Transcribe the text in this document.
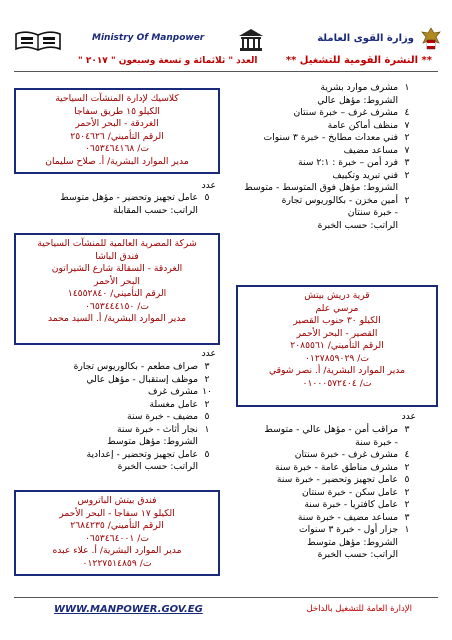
وزارة القوى العاملة
Ministry Of Manpower
** النشرة القومية للتشغيل **
العدد " ثلاثمائة و تسعة وسبعون " ٢٠١٧ "
١
مشرف موارد بشرية
الشروط: مؤهل عالي
٤
مشرف غرف – خبرة سنتان
٧
منظف أماكن عامة
٢
فني معدات مطابخ - خبرة ٣ سنوات
٧
مساعد مضيف
٣
فرد أمن – خبرة : ٢:١ سنة
٢
فني تبريد وتكييف
الشروط: مؤهل فوق المتوسط - متوسط
٢
أمين مخزن - بكالوريوس تجارة
- خبرة سنتان
الراتب: حسب الخبرة
قرية دريش بيتش
مرسي علم
الكيلو ٣٠ جنوب القصير
القصير - البحر الأحمر
الرقم التأميني/ ٢٠٨٥٥٦١
ت/ ٠١٢٧٨٥٩٠٢٩
مدير الموارد البشرية/ أ. نصر شوقي
ت/ ٠١٠٠٠٥٧٢٤٠٤
عدد
٣
مراقب أمن - مؤهل عالي - متوسط
- خبرة سنة
٤
مشرف غرف - خبرة سنتان
٢
مشرف مناطق عامة - خبرة سنة
٥
عامل تجهيز وتحضير - خبرة سنة
٢
عامل سكن - خبرة سنتان
٢
عامل كافتريا - خبرة سنة
٣
مساعد مضيف - خبرة سنة
١
جزار أول - خبرة ٣ سنوات
الشروط: مؤهل متوسط
الراتب: حسب الخبرة
كلاسيك لإدارة المنشآت السياحية
الكيلو ١٥ طريق سفاجا
الغردقة - البحر الأحمر
الرقم التأميني/ ٢٥٠٤٦٢٦
ت/ ٠٦٥٣٤٦٤١٦٨
مدير الموارد البشرية/ أ. صلاح سليمان
عدد
٥
عامل تجهيز وتحضير - مؤهل متوسط
الراتب: حسب المقابلة
شركة المصرية العالمية للمنشآت السياحية
فندق الباشا
الغردقة - السقالة شارع الشيراتون
البحر الأحمر
الرقم التأميني/ ١٤٥٥٢٨٤٠
ت/ ٠٦٥٣٤٤٤١٥٠
مدير الموارد البشرية/ أ. السيد محمد
عدد
٣
صراف مطعم - بكالوريوس تجارة
٢
موظف إستقبال - مؤهل عالي
١٠
مشرف غرف
٢
عامل مغسلة
٥
مضيف - خبرة سنة
١
نجار أثاث - خبرة سنة
الشروط: مؤهل متوسط
٥
عامل تجهيز وتحضير - إعدادية
الراتب: حسب الخبرة
فندق بيتش الباتروس
الكيلو ١٧ سفاجا - البحر الأحمر
الرقم التأميني/ ٢٦٨٤٢٣٥
ت/ ٠٦٥٣٤٦٤٠٠١
مدير الموارد البشرية/ أ. علاء عبده
ت/ ٠١٢٢٧٥١٤٨٥٩
WWW.MANPOWER.GOV.EG	الإدارة العامة للتشغيل بالداخل
